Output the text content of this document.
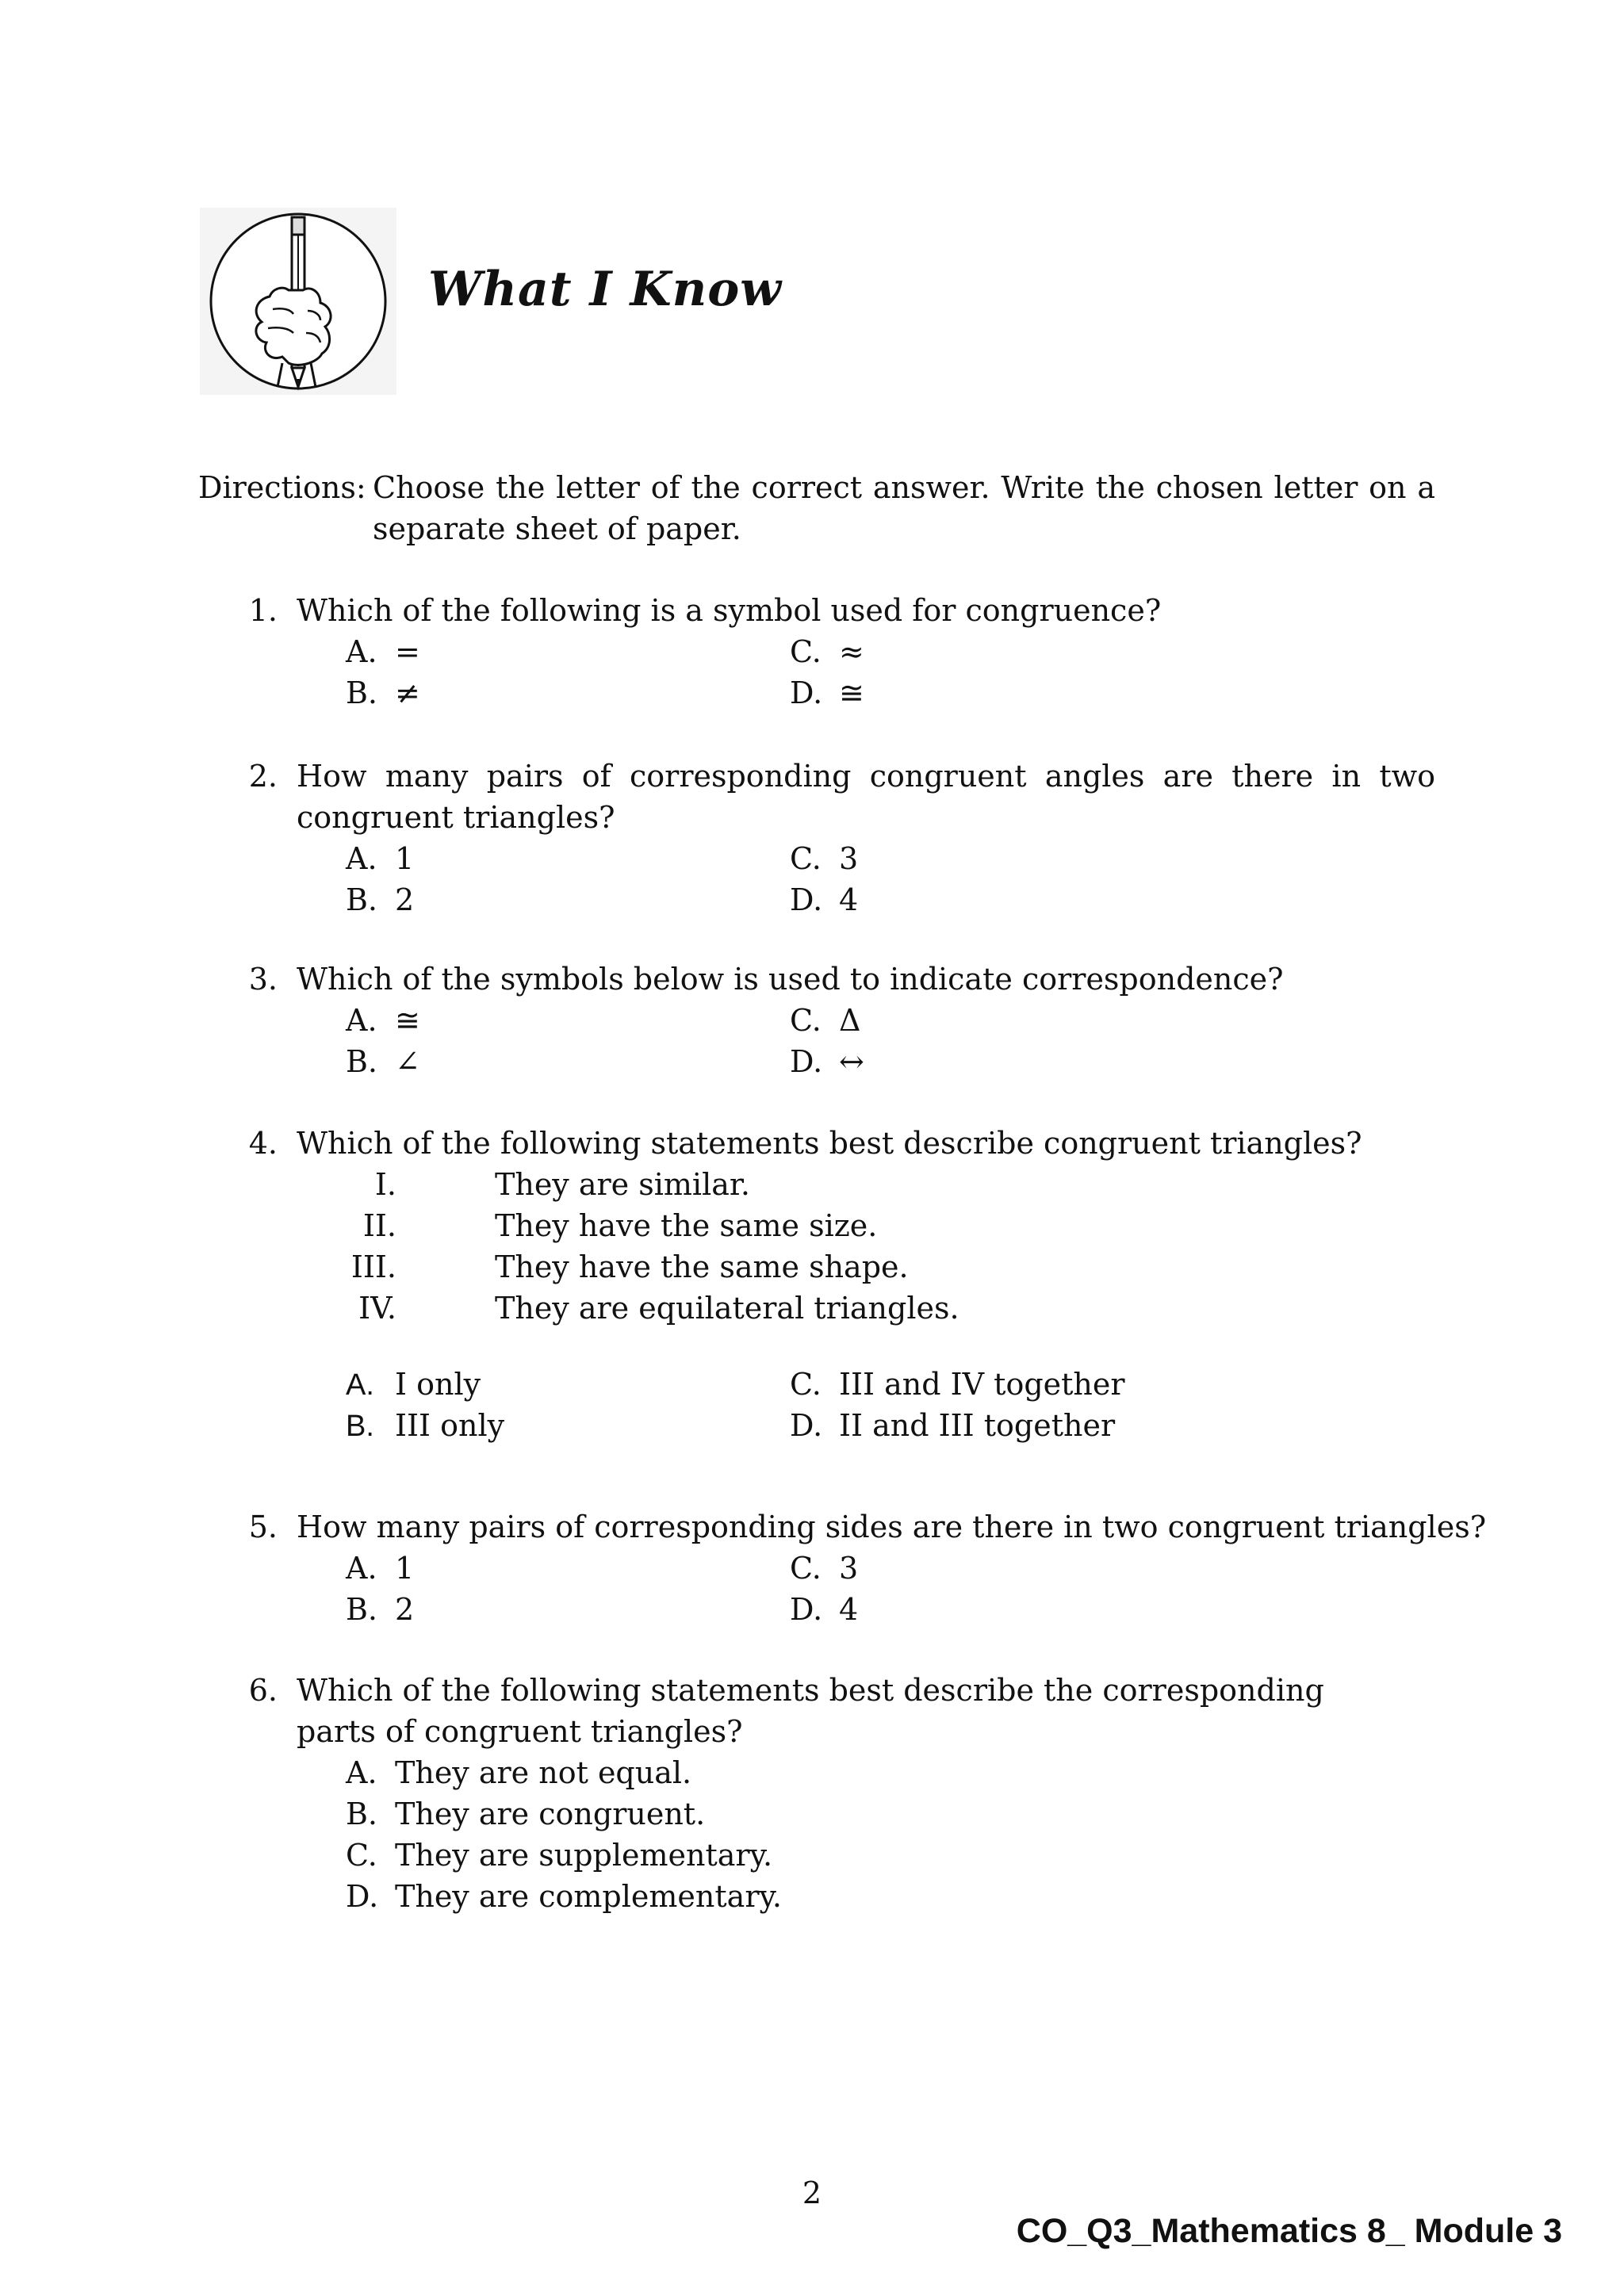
What I Know
Directions: Choose the letter of the correct answer. Write the chosen letter on a separate sheet of paper.
1. Which of the following is a symbol used for congruence?
A. =
B. ≠
C. ≈
D. ≅
2. How many pairs of corresponding congruent angles are there in two congruent triangles?
A. 1
B. 2
C. 3
D. 4
3. Which of the symbols below is used to indicate correspondence?
A. ≅
B. ∠
C. Δ
D. ↔
4. Which of the following statements best describe congruent triangles?
I.	They are similar.
II.	They have the same size.
III.	They have the same shape.
IV.	They are equilateral triangles.
A. I only
B. III only
C. III and IV together
D. II and III together
5. How many pairs of corresponding sides are there in two congruent triangles?
A. 1
B. 2
C. 3
D. 4
6. Which of the following statements best describe the corresponding parts of congruent triangles?
A. They are not equal.
B. They are congruent.
C. They are supplementary.
D. They are complementary.
2
CO_Q3_Mathematics 8_ Module 3
